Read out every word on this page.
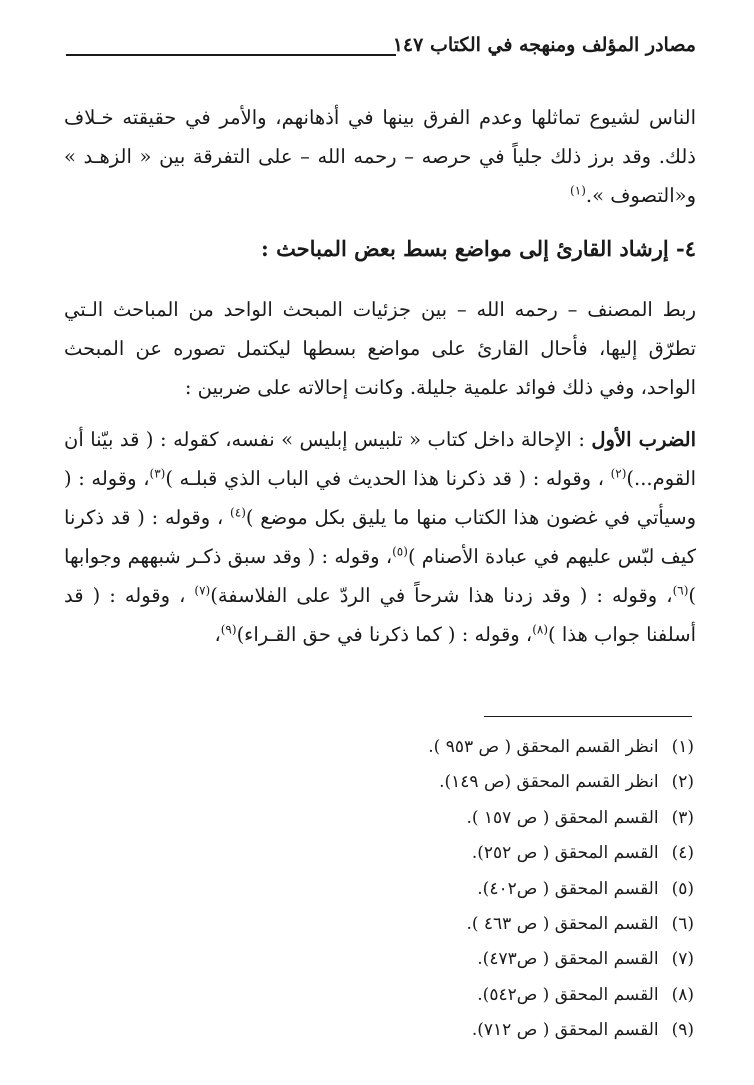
مصادر المؤلف ومنهجه في الكتاب ١٤٧

الناس لشيوع تماثلها وعدم الفرق بينها في أذهانهم، والأمر في حقيقته خـلاف ذلك. وقد برز ذلك جلياً في حرصه – رحمه الله – على التفرقة بين « الزهـد » و«التصوف ».$^{(١)}$

٤- إرشاد القارئ إلى مواضع بسط بعض المباحث :

ربط المصنف – رحمه الله – بين جزئيات المبحث الواحد من المباحث الـتي تطرّق إليها، فأحال القارئ على مواضع بسطها ليكتمل تصوره عن المبحث الواحد، وفي ذلك فوائد علمية جليلة. وكانت إحالاته على ضربين :

الضرب الأول : الإحالة داخل كتاب « تلبيس إبليس » نفسه، كقوله : ( قد بيّنا أن القوم...)$^{(٢)}$ ، وقوله : ( قد ذكرنا هذا الحديث في الباب الذي قبلـه )$^{(٣)}$، وقوله : ( وسيأتي في غضون هذا الكتاب منها ما يليق بكل موضع )$^{(٤)}$ ، وقوله : ( قد ذكرنا كيف لبّس عليهم في عبادة الأصنام )$^{(٥)}$، وقوله : ( وقد سبق ذكـر شبههم وجوابها )$^{(٦)}$، وقوله : ( وقد زدنا هذا شرحاً في الردّ على الفلاسفة)$^{(٧)}$ ، وقوله : ( قد أسلفنا جواب هذا )$^{(٨)}$، وقوله : ( كما ذكرنا في حق القـراء)$^{(٩)}$،

(١) انظر القسم المحقق ( ص ٩٥٣ ).
(٢) انظر القسم المحقق (ص ١٤٩).
(٣) القسم المحقق ( ص ١٥٧ ).
(٤) القسم المحقق ( ص ٢٥٢).
(٥) القسم المحقق ( ص٤٠٢).
(٦) القسم المحقق ( ص ٤٦٣ ).
(٧) القسم المحقق ( ص٤٧٣).
(٨) القسم المحقق ( ص٥٤٢).
(٩) القسم المحقق ( ص ٧١٢).
